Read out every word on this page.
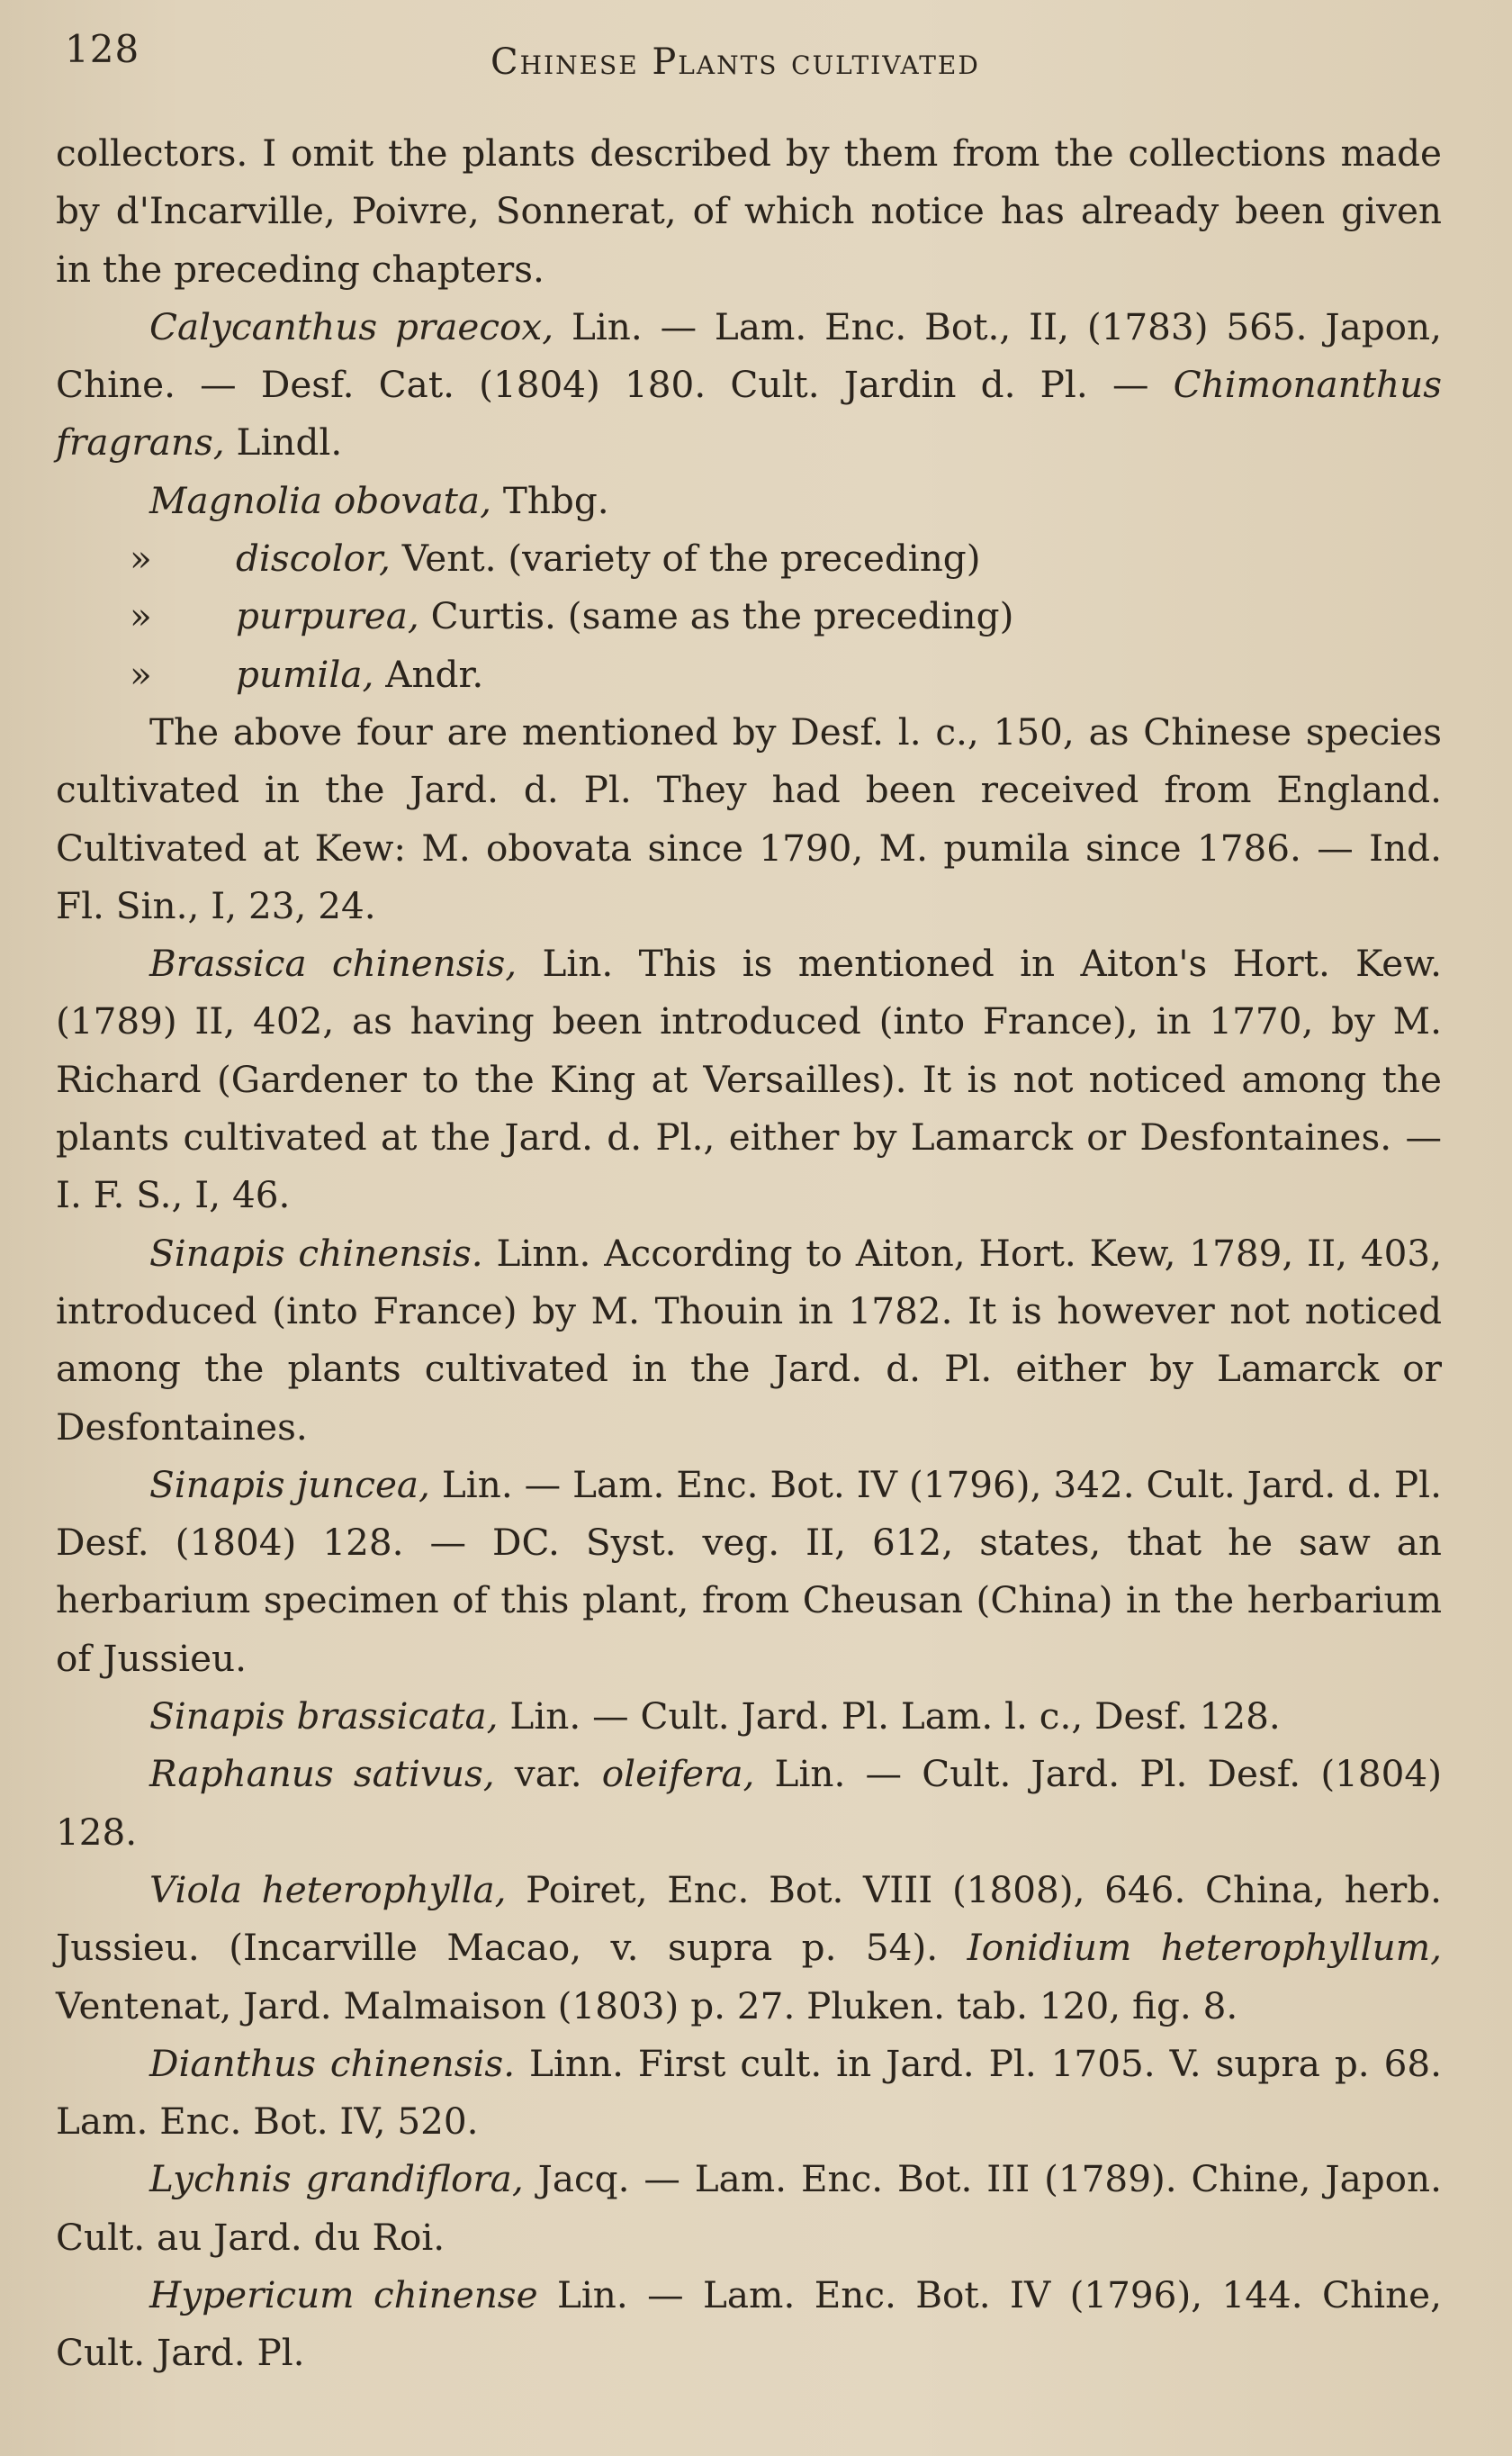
128	Chinese Plants cultivated

collectors. I omit the plants described by them from the collections made by d'Incarville, Poivre, Sonnerat, of which notice has already been given in the preceding chapters.

Calycanthus praecox, Lin. — Lam. Enc. Bot., II, (1783) 565. Japon, Chine. — Desf. Cat. (1804) 180. Cult. Jardin d. Pl. — Chimonanthus fragrans, Lindl.

Magnolia obovata, Thbg.

» discolor, Vent. (variety of the preceding)

» purpurea, Curtis. (same as the preceding)

» pumila, Andr.

The above four are mentioned by Desf. l. c., 150, as Chinese species cultivated in the Jard. d. Pl. They had been received from England. Cultivated at Kew: M. obovata since 1790, M. pumila since 1786. — Ind. Fl. Sin., I, 23, 24.

Brassica chinensis, Lin. This is mentioned in Aiton's Hort. Kew. (1789) II, 402, as having been introduced (into France), in 1770, by M. Richard (Gardener to the King at Versailles). It is not noticed among the plants cultivated at the Jard. d. Pl., either by Lamarck or Desfontaines. — I. F. S., I, 46.

Sinapis chinensis. Linn. According to Aiton, Hort. Kew, 1789, II, 403, introduced (into France) by M. Thouin in 1782. It is however not noticed among the plants cultivated in the Jard. d. Pl. either by Lamarck or Desfontaines.

Sinapis juncea, Lin. — Lam. Enc. Bot. IV (1796), 342. Cult. Jard. d. Pl. Desf. (1804) 128. — DC. Syst. veg. II, 612, states, that he saw an herbarium specimen of this plant, from Cheusan (China) in the herbarium of Jussieu.

Sinapis brassicata, Lin. — Cult. Jard. Pl. Lam. l. c., Desf. 128.

Raphanus sativus, var. oleifera, Lin. — Cult. Jard. Pl. Desf. (1804) 128.

Viola heterophylla, Poiret, Enc. Bot. VIII (1808), 646. China, herb. Jussieu. (Incarville Macao, v. supra p. 54). Ionidium heterophyllum, Ventenat, Jard. Malmaison (1803) p. 27. Pluken. tab. 120, fig. 8.

Dianthus chinensis. Linn. First cult. in Jard. Pl. 1705. V. supra p. 68. Lam. Enc. Bot. IV, 520.

Lychnis grandiflora, Jacq. — Lam. Enc. Bot. III (1789). Chine, Japon. Cult. au Jard. du Roi.

Hypericum chinense Lin. — Lam. Enc. Bot. IV (1796), 144. Chine, Cult. Jard. Pl.
